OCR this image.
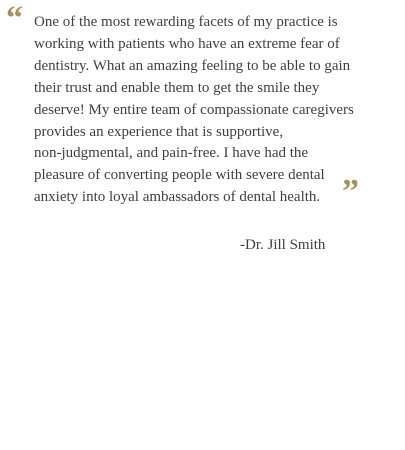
“ One of the most rewarding facets of my practice is
working with patients who have an extreme fear of
dentistry. What an amazing feeling to be able to gain
their trust and enable them to get the smile they
deserve! My entire team of compassionate caregivers
provides an experience that is supportive,
non-judgmental, and pain-free. I have had the
pleasure of converting people with severe dental
anxiety into loyal ambassadors of dental health. ”

-Dr. Jill Smith
